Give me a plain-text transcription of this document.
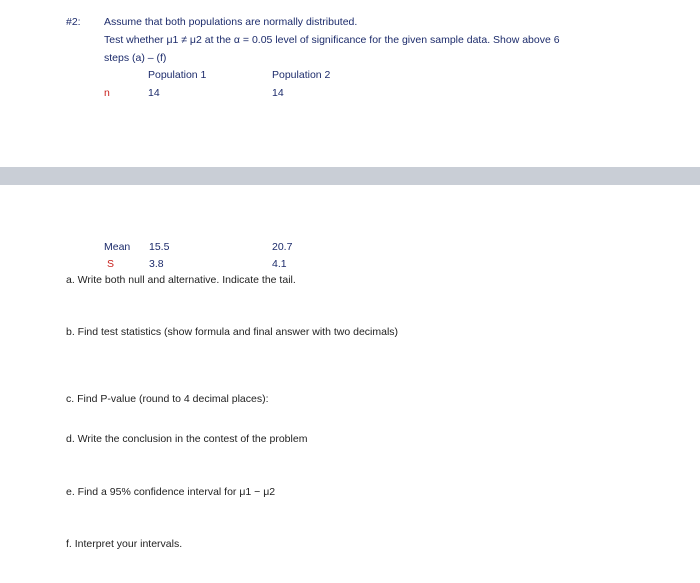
#2: Assume that both populations are normally distributed.
Test whether μ1 ≠ μ2 at the α = 0.05 level of significance for the given sample data. Show above 6
steps (a) – (f)
Population 1	Population 2
n	14	14
Mean 15.5	20.7
S	3.8	4.1
a. Write both null and alternative. Indicate the tail.
b. Find test statistics (show formula and final answer with two decimals)
c. Find P-value (round to 4 decimal places):
d. Write the conclusion in the contest of the problem
e. Find a 95% confidence interval for μ1 − μ2
f. Interpret your intervals.
